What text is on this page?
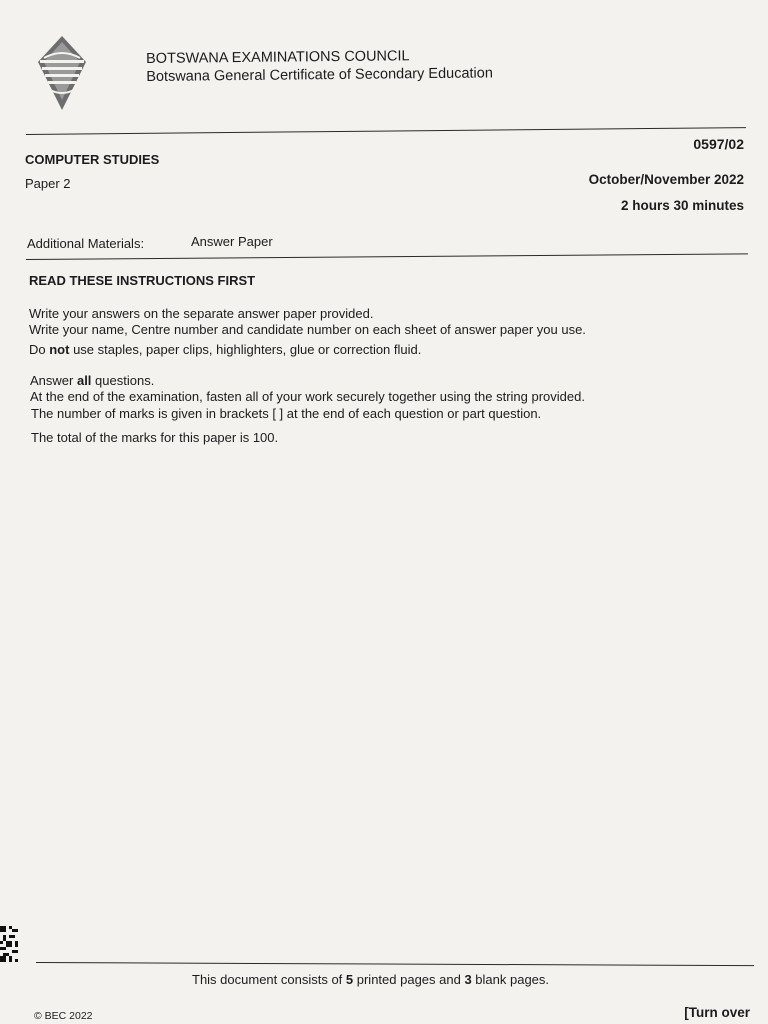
BOTSWANA EXAMINATIONS COUNCIL
Botswana General Certificate of Secondary Education
0597/02
COMPUTER STUDIES
Paper 2	October/November 2022
2 hours 30 minutes
Additional Materials:	Answer Paper
READ THESE INSTRUCTIONS FIRST
Write your answers on the separate answer paper provided.
Write your name, Centre number and candidate number on each sheet of answer paper you use.
Do not use staples, paper clips, highlighters, glue or correction fluid.
Answer all questions.
At the end of the examination, fasten all of your work securely together using the string provided.
The number of marks is given in brackets [ ] at the end of each question or part question.
The total of the marks for this paper is 100.
This document consists of 5 printed pages and 3 blank pages.
© BEC 2022	[Turn over
